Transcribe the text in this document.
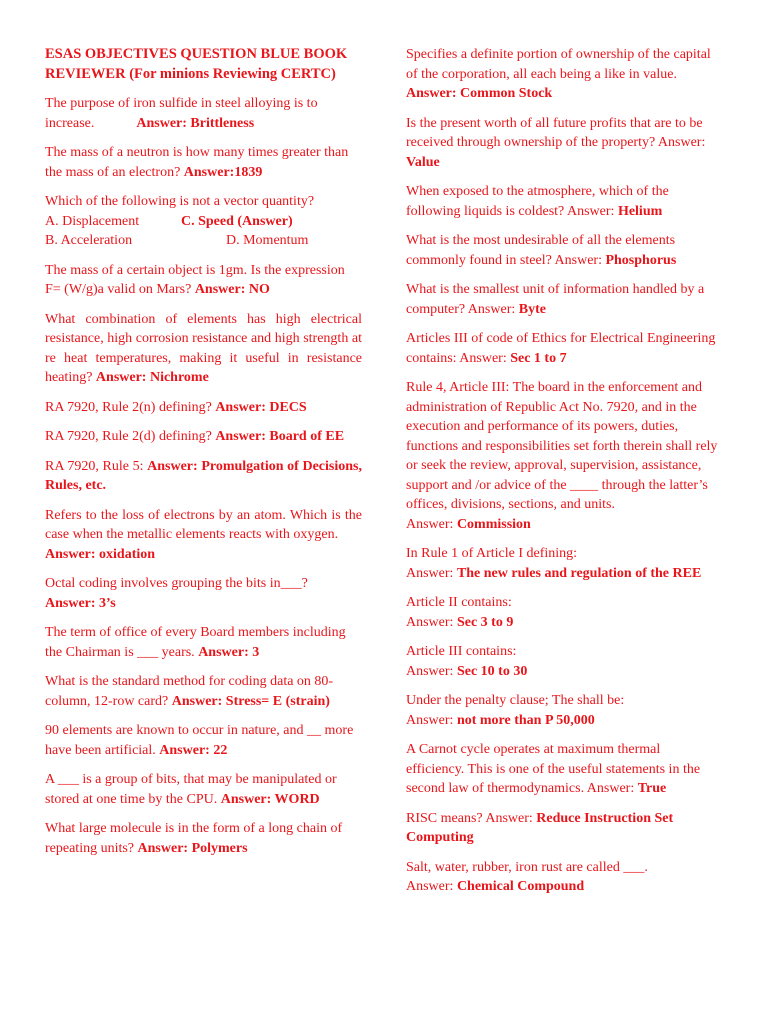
ESAS OBJECTIVES QUESTION BLUE BOOK REVIEWER (For minions Reviewing CERTC)
The purpose of iron sulfide in steel alloying is to increase.	Answer: Brittleness
The mass of a neutron is how many times greater than the mass of an electron? Answer:1839
Which of the following is not a vector quantity?
A. Displacement	C. Speed (Answer)
B. Acceleration	D. Momentum
The mass of a certain object is 1gm. Is the expression
F= (W/g)a valid on Mars? Answer: NO
What combination of elements has high electrical resistance, high corrosion resistance and high strength at re heat temperatures, making it useful in resistance heating? Answer: Nichrome
RA 7920, Rule 2(n) defining? Answer: DECS
RA 7920, Rule 2(d) defining? Answer: Board of EE
RA 7920, Rule 5: Answer: Promulgation of Decisions, Rules, etc.
Refers to the loss of electrons by an atom. Which is the case when the metallic elements reacts with oxygen.
Answer: oxidation
Octal coding involves grouping the bits in___?
Answer: 3’s
The term of office of every Board members including the Chairman is ___ years. Answer: 3
What is the standard method for coding data on 80-column, 12-row card? Answer: Stress= E (strain)
90 elements are known to occur in nature, and __ more have been artificial. Answer: 22
A ___ is a group of bits, that may be manipulated or stored at one time by the CPU. Answer: WORD
What large molecule is in the form of a long chain of repeating units? Answer: Polymers
Specifies a definite portion of ownership of the capital of the corporation, all each being a like in value. Answer: Common Stock
Is the present worth of all future profits that are to be received through ownership of the property? Answer: Value
When exposed to the atmosphere, which of the following liquids is coldest? Answer: Helium
What is the most undesirable of all the elements commonly found in steel? Answer: Phosphorus
What is the smallest unit of information handled by a computer? Answer: Byte
Articles III of code of Ethics for Electrical Engineering contains: Answer: Sec 1 to 7
Rule 4, Article III: The board in the enforcement and administration of Republic Act No. 7920, and in the execution and performance of its powers, duties, functions and responsibilities set forth therein shall rely or seek the review, approval, supervision, assistance, support and /or advice of the ____ through the latter’s offices, divisions, sections, and units.
Answer: Commission
In Rule 1 of Article I defining:
Answer: The new rules and regulation of the REE
Article II contains:
Answer: Sec 3 to 9
Article III contains:
Answer: Sec 10 to 30
Under the penalty clause; The shall be:
Answer: not more than P 50,000
A Carnot cycle operates at maximum thermal efficiency. This is one of the useful statements in the second law of thermodynamics. Answer: True
RISC means? Answer: Reduce Instruction Set Computing
Salt, water, rubber, iron rust are called ___.
Answer: Chemical Compound
